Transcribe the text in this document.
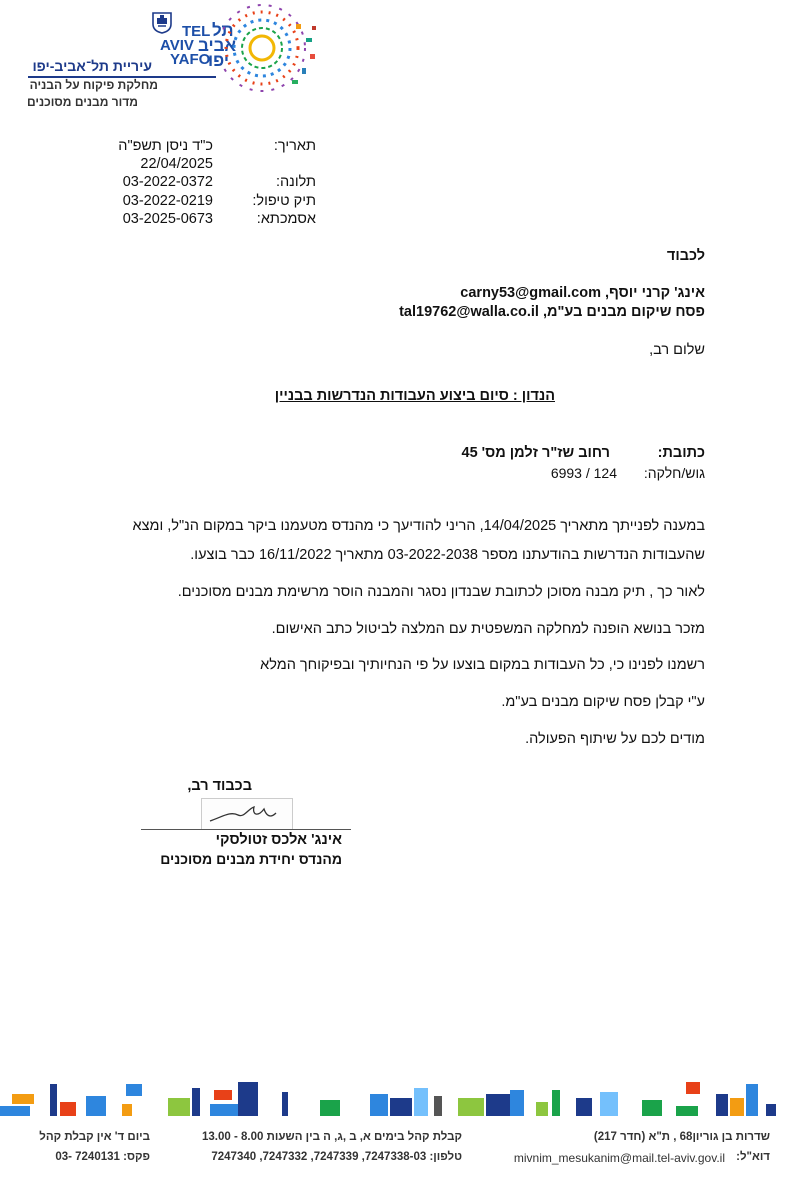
TEL
AVIV
YAFO
תל
אביב
יפו
עיריית תל־אביב-יפו
מחלקת פיקוח על הבניה
מדור מבנים מסוכנים
תאריך:
כ"ד ניסן תשפ"ה
22/04/2025
תלונה:
03-2022-0372
תיק טיפול:
03-2022-0219
אסמכתא:
03-2025-0673
לכבוד
אינג' קרני יוסף, carny53@gmail.com
פסח שיקום מבנים בע"מ, tal19762@walla.co.il
שלום רב,
הנדון : סיום ביצוע העבודות הנדרשות בבניין
כתובת:
רחוב שז"ר זלמן מס' 45
גוש/חלקה:
6993 / 124
במענה לפנייתך מתאריך 14/04/2025, הריני להודיעך כי מהנדס מטעמנו ביקר במקום הנ"ל, ומצא
שהעבודות הנדרשות בהודעתנו מספר 03-2022-2038 מתאריך 16/11/2022 כבר בוצעו.
לאור כך , תיק מבנה מסוכן לכתובת שבנדון נסגר והמבנה הוסר מרשימת מבנים מסוכנים.
מזכר בנושא הופנה למחלקה המשפטית עם המלצה לביטול כתב האישום.
רשמנו לפנינו כי, כל העבודות במקום בוצעו על פי הנחיותיך ובפיקוחך המלא
ע"י קבלן פסח שיקום מבנים בע"מ.
מודים לכם על שיתוף הפעולה.
בכבוד רב,
אינג' אלכס זטולסקי
מהנדס יחידת מבנים מסוכנים
שדרות בן גוריון68 , ת"א (חדר 217)
דוא"ל:
mivnim_mesukanim@mail.tel-aviv.gov.il
קבלת קהל בימים א, ב ,ג, ה בין השעות 8.00 - 13.00
טלפון: 7247338-03, 7247339, 7247332, 7247340
ביום ד' אין קבלת קהל
פקס: 7240131 -03
